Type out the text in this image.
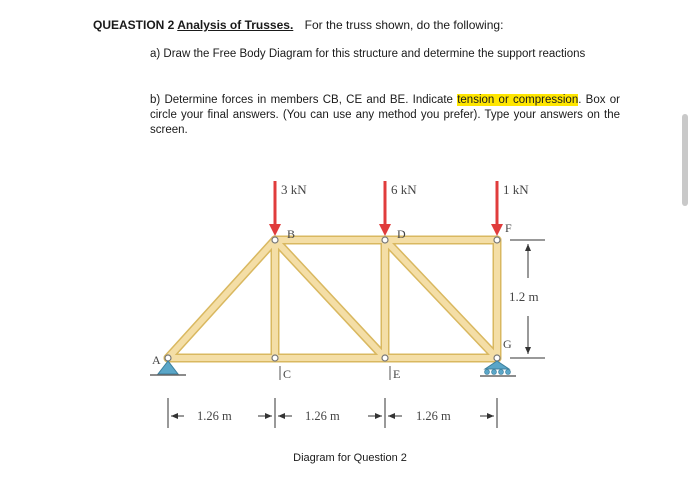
QUEASTION 2 Analysis of Trusses. For the truss shown, do the following:
a) Draw the Free Body Diagram for this structure and determine the support reactions
b) Determine forces in members CB, CE and BE. Indicate tension or compression. Box or circle your final answers. (You can use any method you prefer). Type your answers on the screen.
3 kN	6 kN	1 kN
A
B
C
D
E
F
G
1.2 m
1.26 m	1.26 m	1.26 m
Diagram for Question 2
